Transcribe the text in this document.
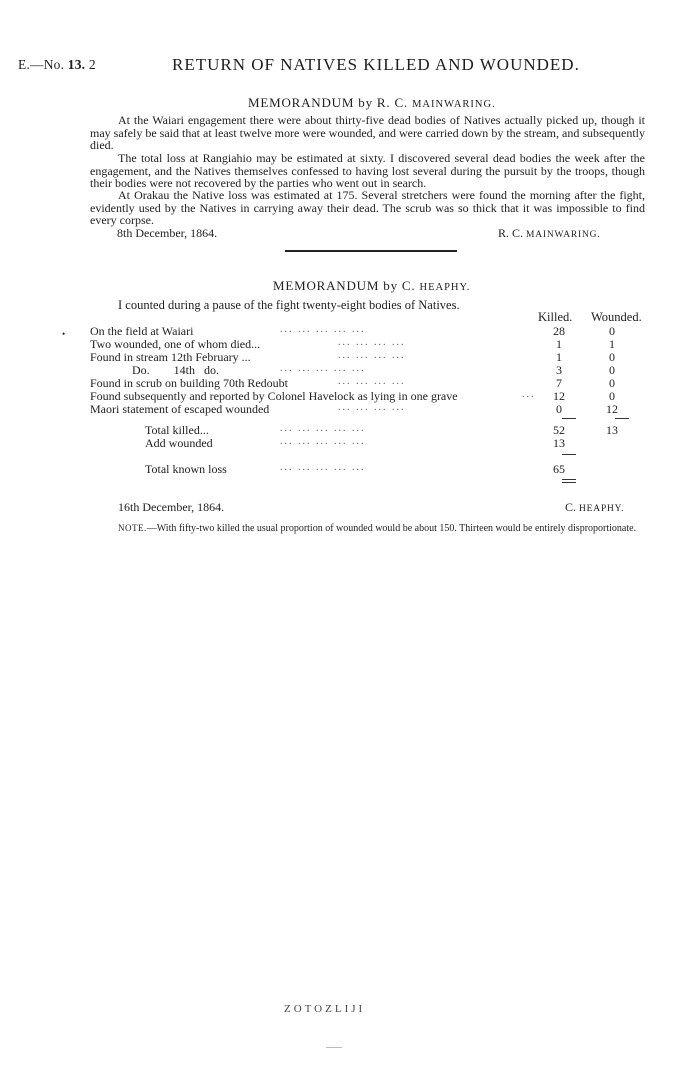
E.—No. 13. 2	RETURN OF NATIVES KILLED AND WOUNDED.
MEMORANDUM by R. C. MAINWARING.
At the Waiari engagement there were about thirty-five dead bodies of Natives actually picked up, though it may safely be said that at least twelve more were wounded, and were carried down by the stream, and subsequently died.
The total loss at Rangiahio may be estimated at sixty. I discovered several dead bodies the week after the engagement, and the Natives themselves confessed to having lost several during the pursuit by the troops, though their bodies were not recovered by the parties who went out in search.
At Orakau the Native loss was estimated at 175. Several stretchers were found the morning after the fight, evidently used by the Natives in carrying away their dead. The scrub was so thick that it was impossible to find every corpse.
8th December, 1864.	R. C. MAINWARING.
MEMORANDUM by C. HEAPHY.
I counted during a pause of the fight twenty-eight bodies of Natives.
Killed. Wounded.
•	... ... ... ... ...
On the field at Waiari	28	0
... ... ... ...
Two wounded, one of whom died...	1	1
... ... ... ...
Found in stream 12th February ...	1	0
... ... ... ... ...
Do.        14th   do.	3	0
... ... ... ...
Found in scrub on building 70th Redoubt	7	0
...
Found subsequently and reported by Colonel Havelock as lying in one grave	12	0
... ... ... ...
Maori statement of escaped wounded	0	12
... ... ... ... ...
Total killed...	52	13
... ... ... ... ...
Add wounded	13
... ... ... ... ...
Total known loss	65
16th December, 1864.	C. HEAPHY.
NOTE.—With fifty-two killed the usual proportion of wounded would be about 150. Thirteen would be entirely disproportionate.
ZOTOZLIJI
